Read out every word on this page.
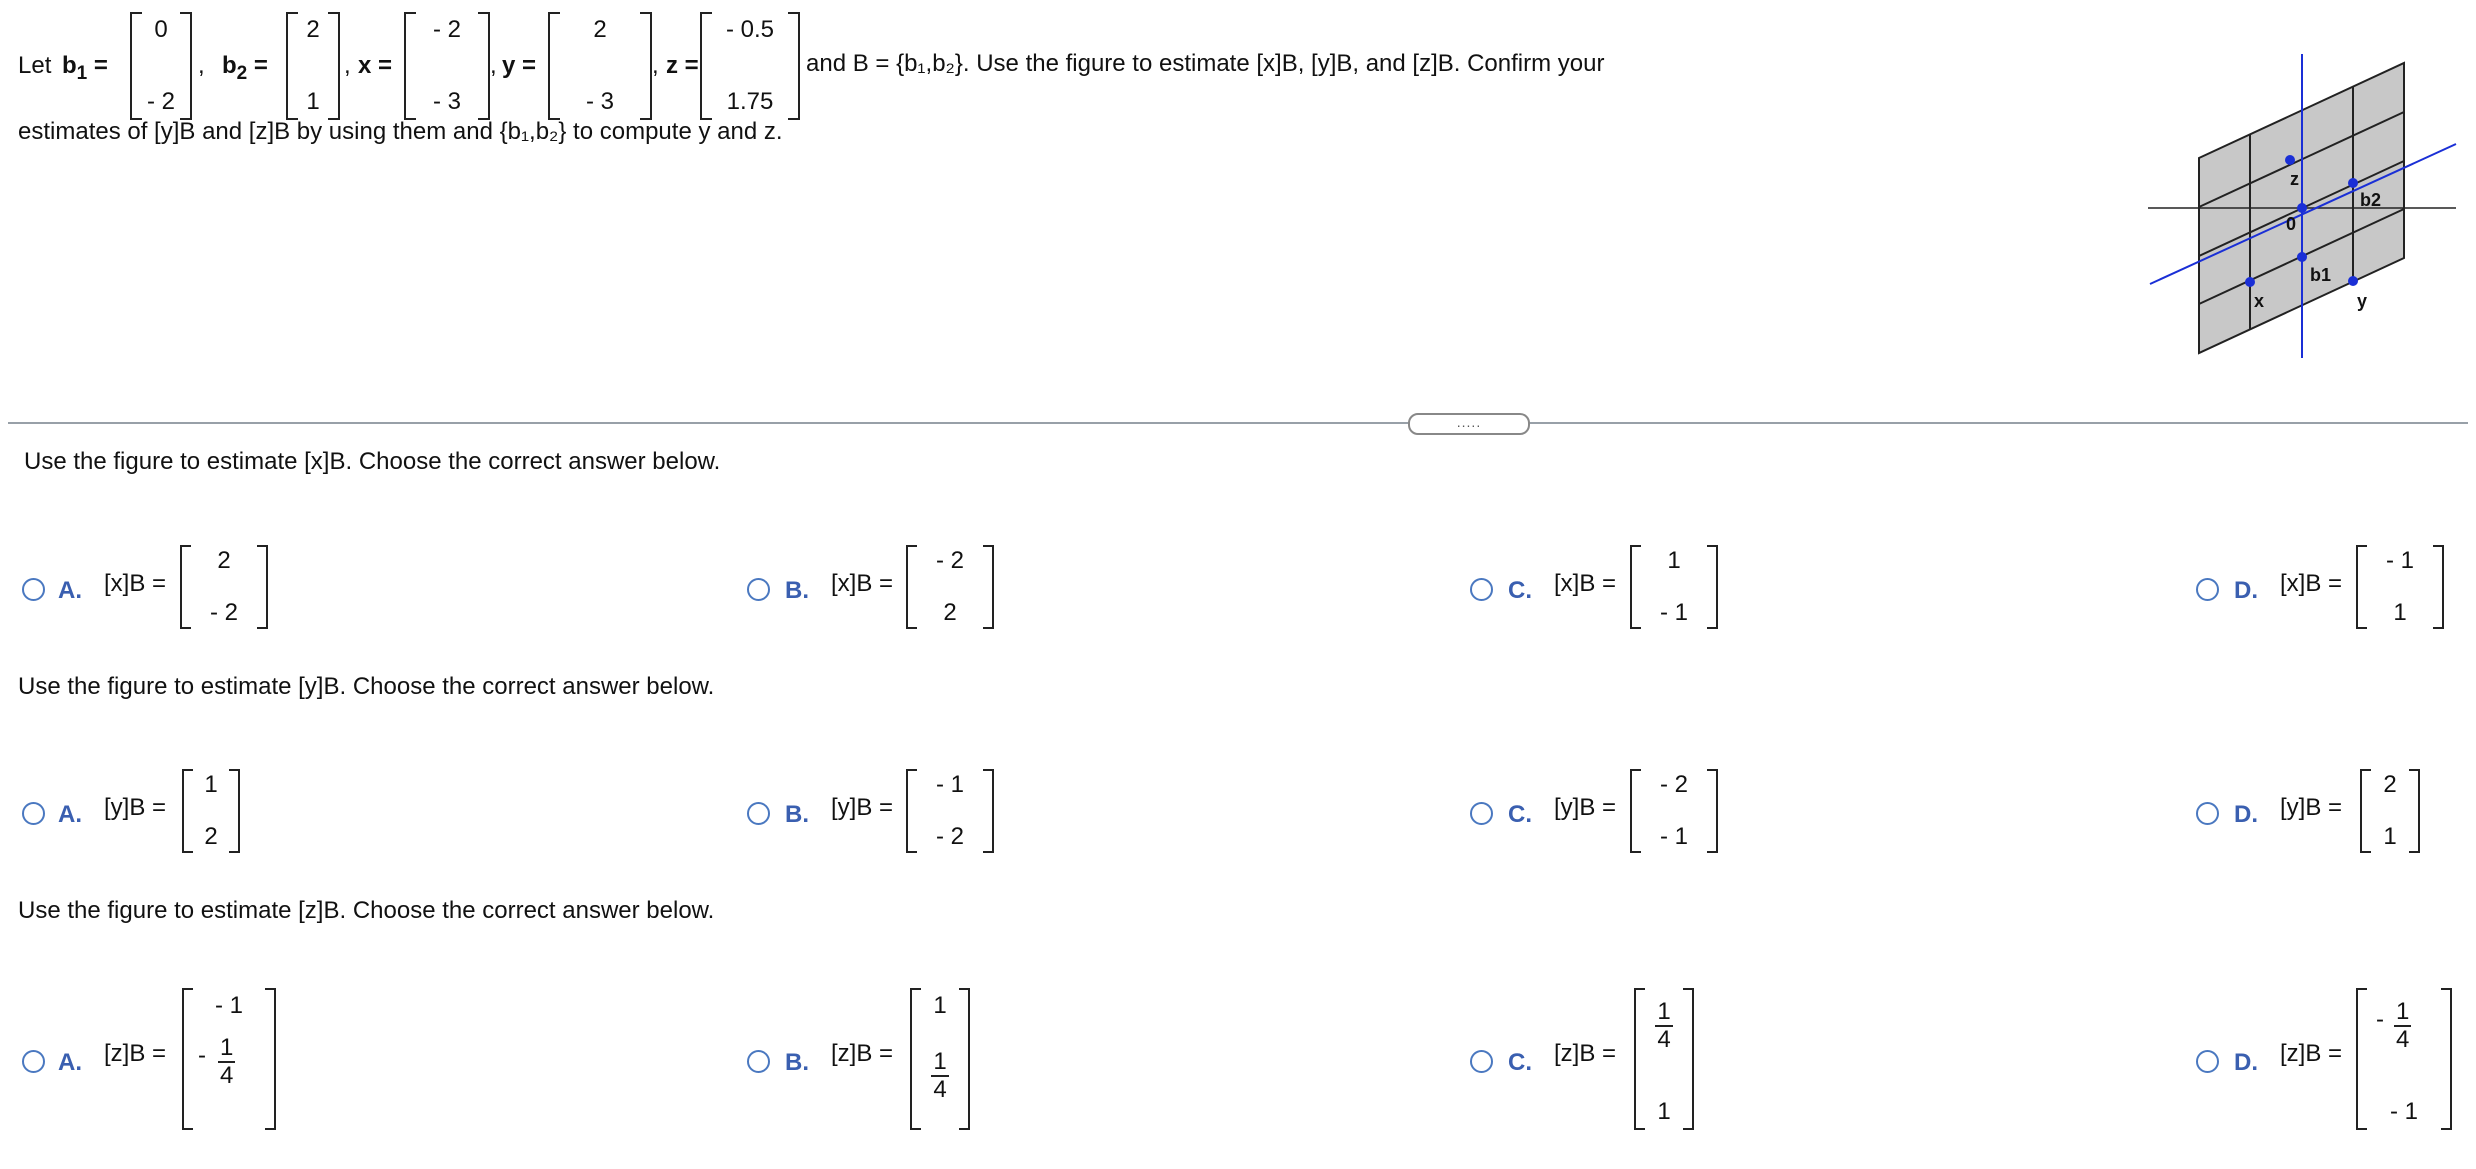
Let $b_1$ =
0
- 2
, $b_2$ =
2
1
, x =
- 2
- 3
, y =
2
- 3
, z =
- 0.5
1.75
and B = {b₁,b₂}. Use the figure to estimate [x]B, [y]B, and [z]B. Confirm your
estimates of [y]B and [z]B by using them and {b₁,b₂} to compute y and z.
z
0
b2
b1
x	y
.....
Use the figure to estimate [x]B. Choose the correct answer below.
A. [x]B =
2
- 2
B. [x]B =
- 2
2
C. [x]B =
1
- 1
D. [x]B =
- 1
1
Use the figure to estimate [y]B. Choose the correct answer below.
A. [y]B =
1
2
B. [y]B =
- 1
- 2
C. [y]B =
- 2
- 1
D. [y]B =
2
1
Use the figure to estimate [z]B. Choose the correct answer below.
A. [z]B =
- 1
- $\frac{1}{4}$	B. [z]B =
1
$\frac{1}{4}$	C. [z]B =
$\frac{1}{4}$
1
D. [z]B =
- $\frac{1}{4}$
- 1
